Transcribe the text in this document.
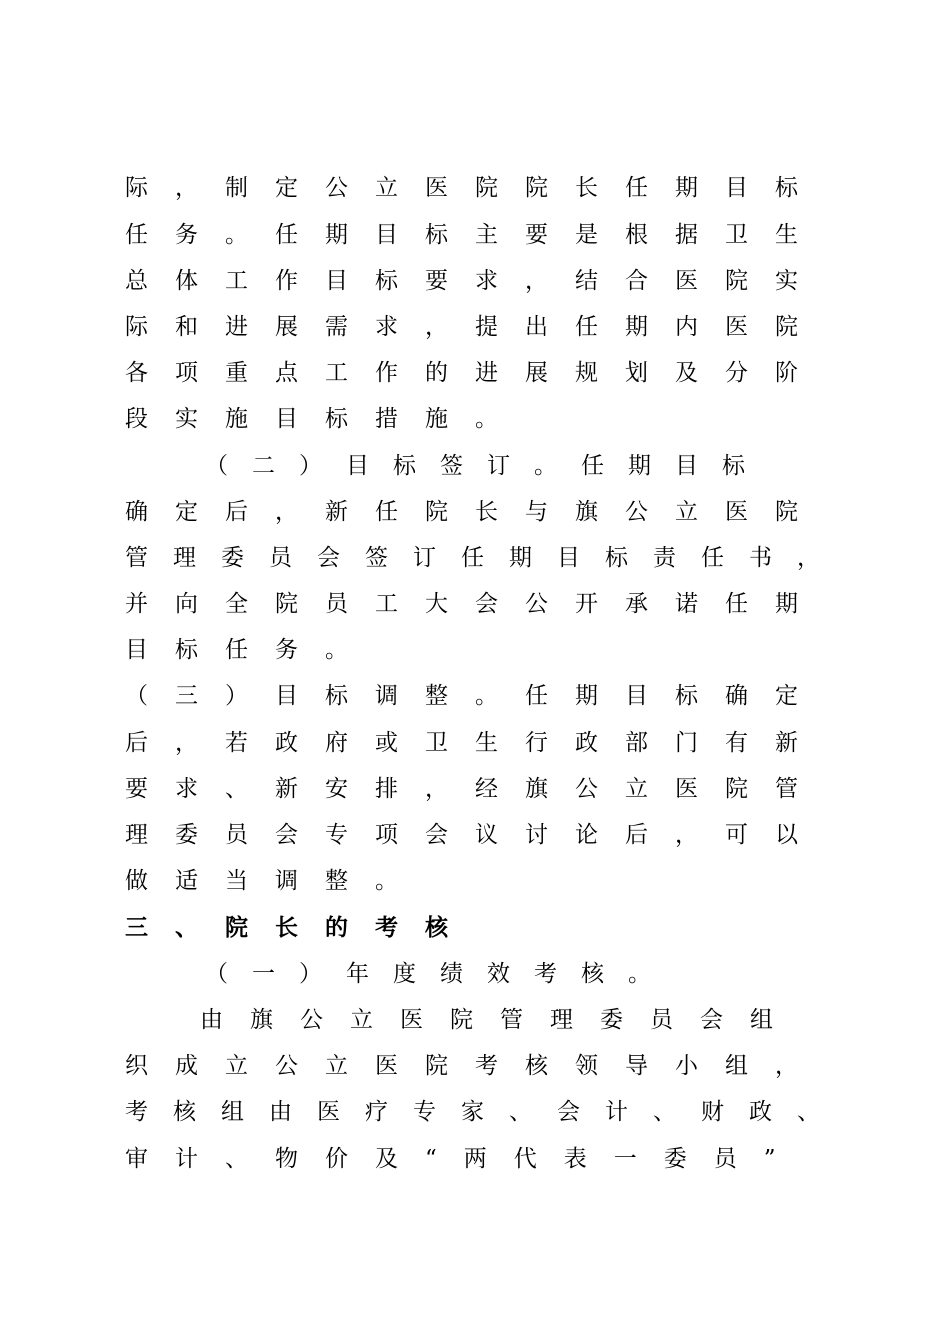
际，制定公立医院院长任期目标
任务。任期目标主要是根据卫生
总体工作目标要求，结合医院实
际和进展需求，提出任期内医院
各项重点工作的进展规划及分阶
段实施目标措施。
（二）目标签订。任期目标
确定后，新任院长与旗公立医院
管理委员会签订任期目标责任书，
并向全院员工大会公开承诺任期
目标任务。
（三）目标调整。任期目标确定
后，若政府或卫生行政部门有新
要求、新安排，经旗公立医院管
理委员会专项会议讨论后，可以
做适当调整。
三、院长的考核
（一）年度绩效考核。
由旗公立医院管理委员会组
织成立公立医院考核领导小组，
考核组由医疗专家、会计、财政、
审计、物价及“两代表一委员”
